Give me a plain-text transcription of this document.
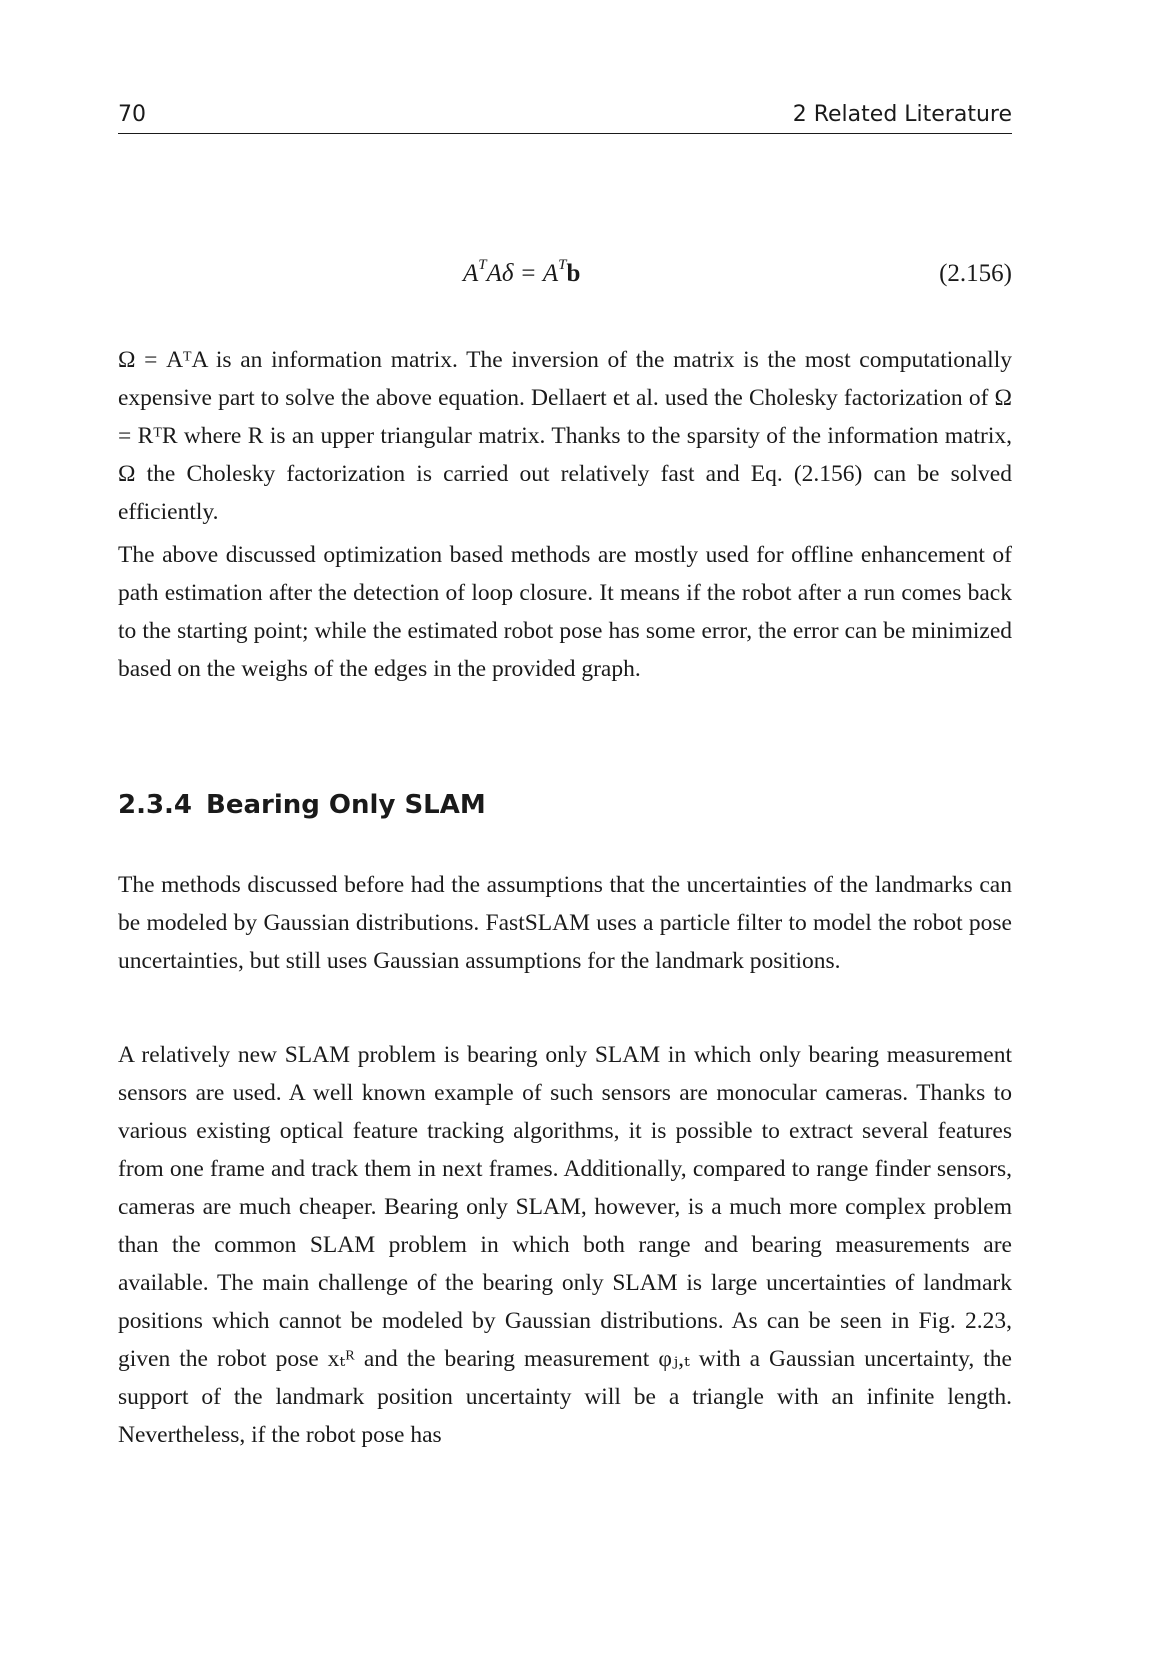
70	2 Related Literature
$A^TA\delta = A^Tb$	(2.156)

Ω = AᵀA is an information matrix. The inversion of the matrix is the most computationally expensive part to solve the above equation. Dellaert et al. used the Cholesky factorization of Ω = RᵀR where R is an upper triangular matrix. Thanks to the sparsity of the information matrix, Ω the Cholesky factorization is carried out relatively fast and Eq. (2.156) can be solved efficiently.

The above discussed optimization based methods are mostly used for offline enhancement of path estimation after the detection of loop closure. It means if the robot after a run comes back to the starting point; while the estimated robot pose has some error, the error can be minimized based on the weighs of the edges in the provided graph.

2.3.4 Bearing Only SLAM

The methods discussed before had the assumptions that the uncertainties of the landmarks can be modeled by Gaussian distributions. FastSLAM uses a particle filter to model the robot pose uncertainties, but still uses Gaussian assumptions for the landmark positions.

A relatively new SLAM problem is bearing only SLAM in which only bearing measurement sensors are used. A well known example of such sensors are monocular cameras. Thanks to various existing optical feature tracking algorithms, it is possible to extract several features from one frame and track them in next frames. Additionally, compared to range finder sensors, cameras are much cheaper. Bearing only SLAM, however, is a much more complex problem than the common SLAM problem in which both range and bearing measurements are available. The main challenge of the bearing only SLAM is large uncertainties of landmark positions which cannot be modeled by Gaussian distributions. As can be seen in Fig. 2.23, given the robot pose xₜᴿ and the bearing measurement φⱼ,ₜ with a Gaussian uncertainty, the support of the landmark position uncertainty will be a triangle with an infinite length. Nevertheless, if the robot pose has
